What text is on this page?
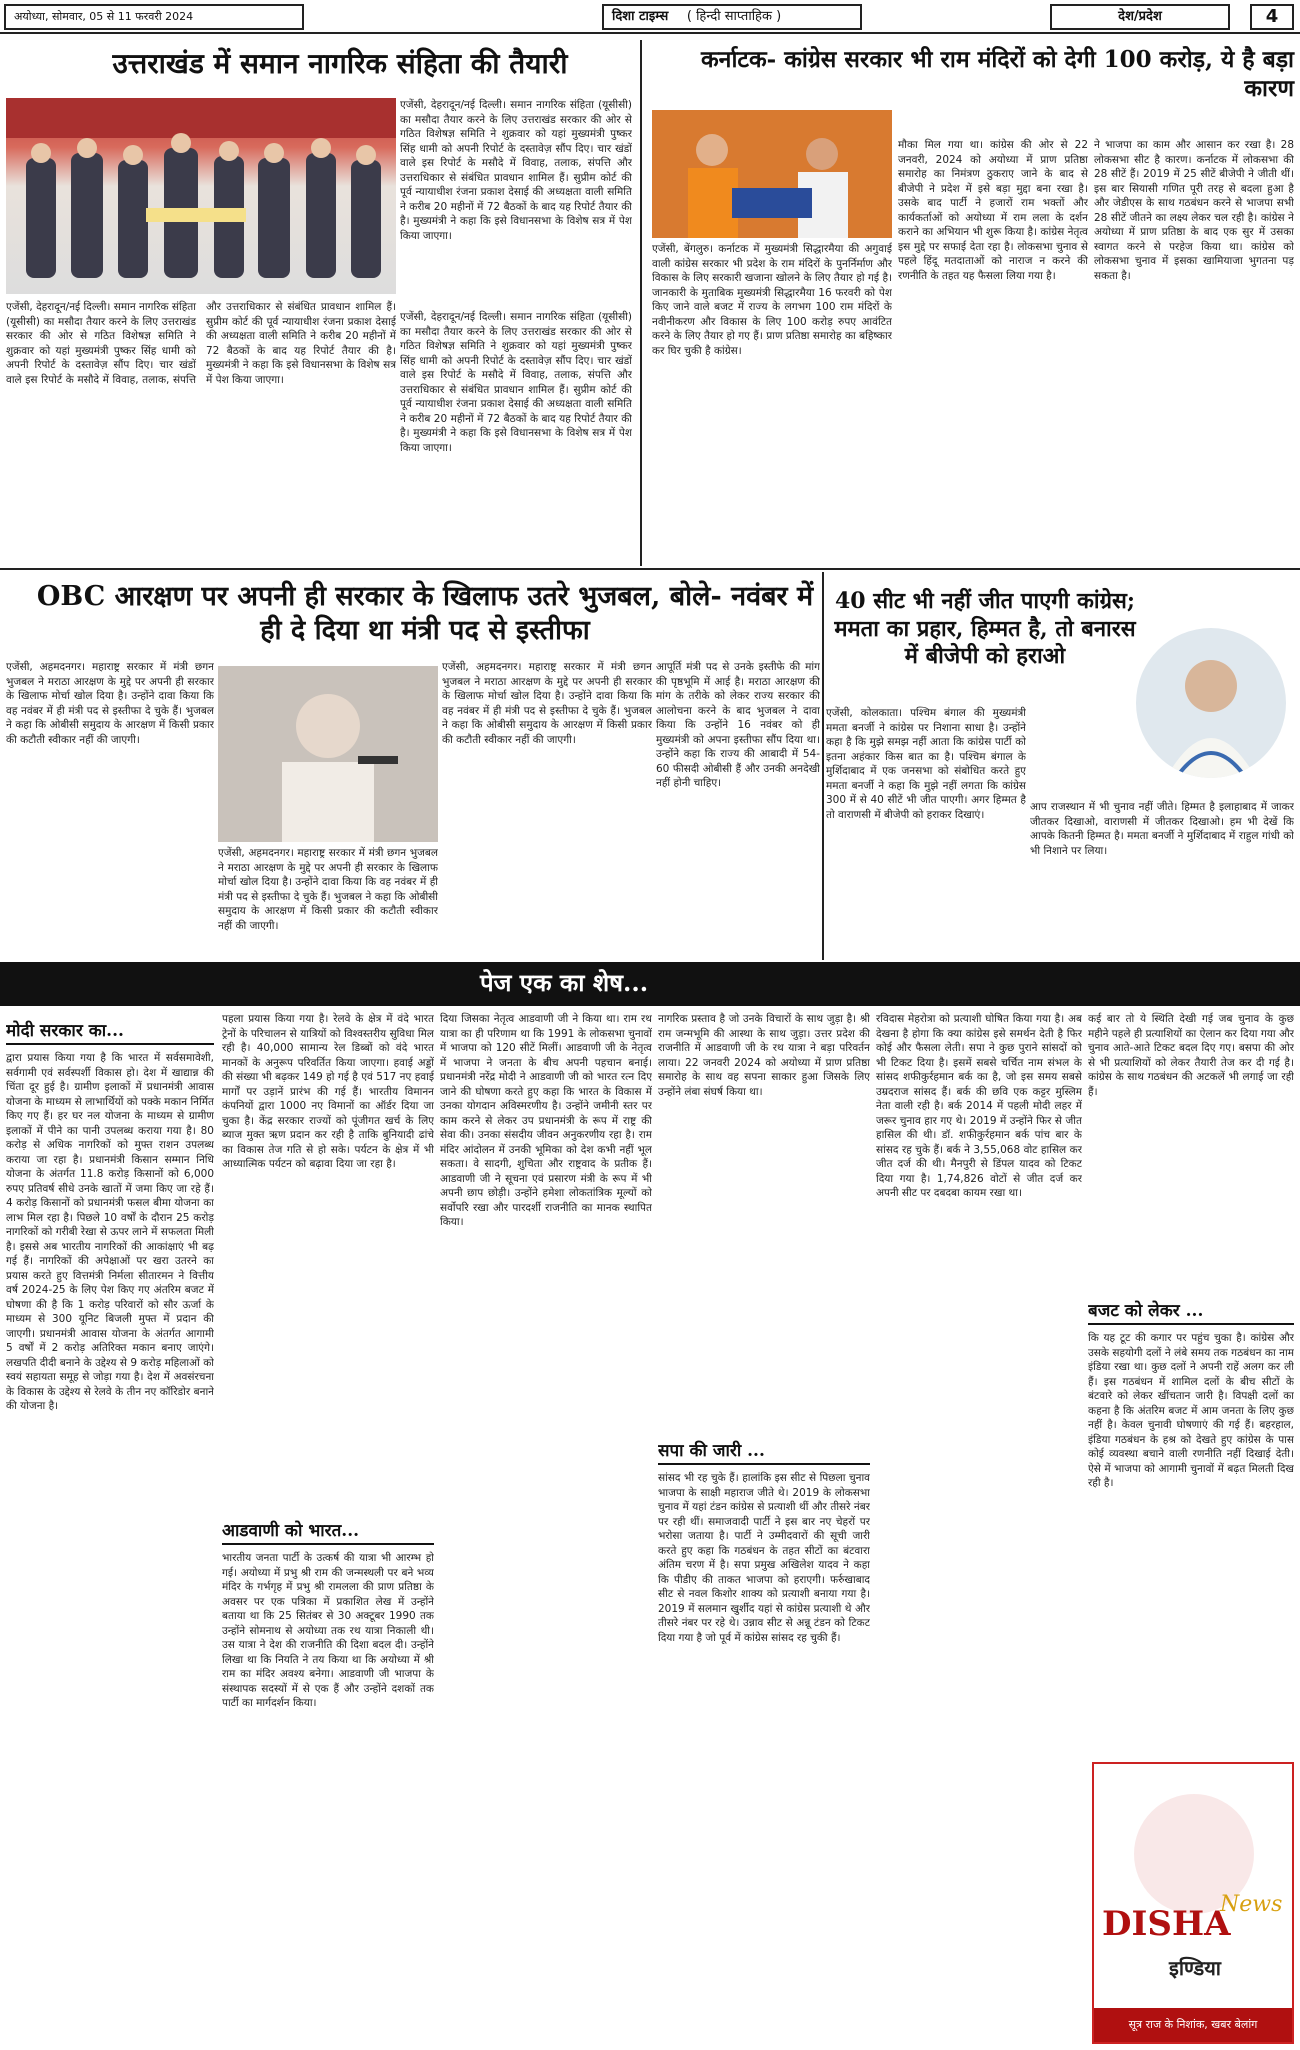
अयोध्या, सोमवार, 05 से 11 फरवरी 2024	दिशा टाइम्स ( हिन्दी साप्ताहिक )	देश/प्रदेश	4
उत्तराखंड में समान नागरिक संहिता की तैयारी
एजेंसी, देहरादून/नई दिल्ली। समान नागरिक संहिता (यूसीसी) का मसौदा तैयार करने के लिए उत्तराखंड सरकार की ओर से गठित विशेषज्ञ समिति ने शुक्रवार को यहां मुख्यमंत्री पुष्कर सिंह धामी को अपनी रिपोर्ट के दस्तावेज़ सौंप दिए। चार खंडों वाले इस रिपोर्ट के मसौदे में विवाह, तलाक, संपत्ति और उत्तराधिकार से संबंधित प्रावधान शामिल हैं। सुप्रीम कोर्ट की पूर्व न्यायाधीश रंजना प्रकाश देसाई की अध्यक्षता वाली समिति ने करीब 20 महीनों में 72 बैठकों के बाद यह रिपोर्ट तैयार की है। मुख्यमंत्री ने कहा कि इसे विधानसभा के विशेष सत्र में पेश किया जाएगा।
एजेंसी, देहरादून/नई दिल्ली। समान नागरिक संहिता (यूसीसी) का मसौदा तैयार करने के लिए उत्तराखंड सरकार की ओर से गठित विशेषज्ञ समिति ने शुक्रवार को यहां मुख्यमंत्री पुष्कर सिंह धामी को अपनी रिपोर्ट के दस्तावेज़ सौंप दिए। चार खंडों वाले इस रिपोर्ट के मसौदे में विवाह, तलाक, संपत्ति और उत्तराधिकार से संबंधित प्रावधान शामिल हैं। सुप्रीम कोर्ट की पूर्व न्यायाधीश रंजना प्रकाश देसाई की अध्यक्षता वाली समिति ने करीब 20 महीनों में 72 बैठकों के बाद यह रिपोर्ट तैयार की है। मुख्यमंत्री ने कहा कि इसे विधानसभा के विशेष सत्र में पेश किया जाएगा।
एजेंसी, देहरादून/नई दिल्ली। समान नागरिक संहिता (यूसीसी) का मसौदा तैयार करने के लिए उत्तराखंड सरकार की ओर से गठित विशेषज्ञ समिति ने शुक्रवार को यहां मुख्यमंत्री पुष्कर सिंह धामी को अपनी रिपोर्ट के दस्तावेज़ सौंप दिए। चार खंडों वाले इस रिपोर्ट के मसौदे में विवाह, तलाक, संपत्ति और उत्तराधिकार से संबंधित प्रावधान शामिल हैं। सुप्रीम कोर्ट की पूर्व न्यायाधीश रंजना प्रकाश देसाई की अध्यक्षता वाली समिति ने करीब 20 महीनों में 72 बैठकों के बाद यह रिपोर्ट तैयार की है। मुख्यमंत्री ने कहा कि इसे विधानसभा के विशेष सत्र में पेश किया जाएगा।
कर्नाटक- कांग्रेस सरकार भी राम मंदिरों को देगी 100 करोड़, ये है बड़ा कारण
एजेंसी, बेंगलुरु। कर्नाटक में मुख्यमंत्री सिद्धारमैया की अगुवाई वाली कांग्रेस सरकार भी प्रदेश के राम मंदिरों के पुनर्निर्माण और विकास के लिए सरकारी खजाना खोलने के लिए तैयार हो गई है। जानकारी के मुताबिक मुख्यमंत्री सिद्धारमैया 16 फरवरी को पेश किए जाने वाले बजट में राज्य के लगभग 100 राम मंदिरों के नवीनीकरण और विकास के लिए 100 करोड़ रुपए आवंटित करने के लिए तैयार हो गए हैं। प्राण प्रतिष्ठा समारोह का बहिष्कार कर घिर चुकी है कांग्रेस।
मौका मिल गया था। कांग्रेस की ओर से 22 जनवरी, 2024 को अयोध्या में प्राण प्रतिष्ठा समारोह का निमंत्रण ठुकराए जाने के बाद से बीजेपी ने प्रदेश में इसे बड़ा मुद्दा बना रखा है। उसके बाद पार्टी ने हजारों राम भक्तों और कार्यकर्ताओं को अयोध्या में राम लला के दर्शन कराने का अभियान भी शुरू किया है। कांग्रेस नेतृत्व इस मुद्दे पर सफाई देता रहा है। लोकसभा चुनाव से पहले हिंदू मतदाताओं को नाराज न करने की रणनीति के तहत यह फैसला लिया गया है।
ने भाजपा का काम और आसान कर रखा है। 28 लोकसभा सीट है कारण। कर्नाटक में लोकसभा की 28 सीटें हैं। 2019 में 25 सीटें बीजेपी ने जीती थीं। इस बार सियासी गणित पूरी तरह से बदला हुआ है और जेडीएस के साथ गठबंधन करने से भाजपा सभी 28 सीटें जीतने का लक्ष्य लेकर चल रही है। कांग्रेस ने अयोध्या में प्राण प्रतिष्ठा के बाद एक सुर में उसका स्वागत करने से परहेज किया था। कांग्रेस को लोकसभा चुनाव में इसका खामियाजा भुगतना पड़ सकता है।
OBC आरक्षण पर अपनी ही सरकार के खिलाफ उतरे भुजबल, बोले- नवंबर में ही दे दिया था मंत्री पद से इस्तीफा
एजेंसी, अहमदनगर। महाराष्ट्र सरकार में मंत्री छगन भुजबल ने मराठा आरक्षण के मुद्दे पर अपनी ही सरकार के खिलाफ मोर्चा खोल दिया है। उन्होंने दावा किया कि वह नवंबर में ही मंत्री पद से इस्तीफा दे चुके हैं। भुजबल ने कहा कि ओबीसी समुदाय के आरक्षण में किसी प्रकार की कटौती स्वीकार नहीं की जाएगी।
एजेंसी, अहमदनगर। महाराष्ट्र सरकार में मंत्री छगन भुजबल ने मराठा आरक्षण के मुद्दे पर अपनी ही सरकार के खिलाफ मोर्चा खोल दिया है। उन्होंने दावा किया कि वह नवंबर में ही मंत्री पद से इस्तीफा दे चुके हैं। भुजबल ने कहा कि ओबीसी समुदाय के आरक्षण में किसी प्रकार की कटौती स्वीकार नहीं की जाएगी।
एजेंसी, अहमदनगर। महाराष्ट्र सरकार में मंत्री छगन भुजबल ने मराठा आरक्षण के मुद्दे पर अपनी ही सरकार के खिलाफ मोर्चा खोल दिया है। उन्होंने दावा किया कि वह नवंबर में ही मंत्री पद से इस्तीफा दे चुके हैं। भुजबल ने कहा कि ओबीसी समुदाय के आरक्षण में किसी प्रकार की कटौती स्वीकार नहीं की जाएगी।
आपूर्ति मंत्री पद से उनके इस्तीफे की मांग की पृष्ठभूमि में आई है। मराठा आरक्षण की मांग के तरीके को लेकर राज्य सरकार की आलोचना करने के बाद भुजबल ने दावा किया कि उन्होंने 16 नवंबर को ही मुख्यमंत्री को अपना इस्तीफा सौंप दिया था। उन्होंने कहा कि राज्य की आबादी में 54-60 फीसदी ओबीसी हैं और उनकी अनदेखी नहीं होनी चाहिए।
40 सीट भी नहीं जीत पाएगी कांग्रेस; ममता का प्रहार, हिम्मत है, तो बनारस में बीजेपी को हराओ
एजेंसी, कोलकाता। पश्चिम बंगाल की मुख्यमंत्री ममता बनर्जी ने कांग्रेस पर निशाना साधा है। उन्होंने कहा है कि मुझे समझ नहीं आता कि कांग्रेस पार्टी को इतना अहंकार किस बात का है। पश्चिम बंगाल के मुर्शिदाबाद में एक जनसभा को संबोधित करते हुए ममता बनर्जी ने कहा कि मुझे नहीं लगता कि कांग्रेस 300 में से 40 सीटें भी जीत पाएगी। अगर हिम्मत है तो वाराणसी में बीजेपी को हराकर दिखाएं।
आप राजस्थान में भी चुनाव नहीं जीते। हिम्मत है इलाहाबाद में जाकर जीतकर दिखाओ, वाराणसी में जीतकर दिखाओ। हम भी देखें कि आपके कितनी हिम्मत है। ममता बनर्जी ने मुर्शिदाबाद में राहुल गांधी को भी निशाने पर लिया।
पेज एक का शेष...
मोदी सरकार का...
द्वारा प्रयास किया गया है कि भारत में सर्वसमावेशी, सर्वगामी एवं सर्वस्पर्शी विकास हो। देश में खाद्यान्न की चिंता दूर हुई है। ग्रामीण इलाकों में प्रधानमंत्री आवास योजना के माध्यम से लाभार्थियों को पक्के मकान निर्मित किए गए हैं। हर घर नल योजना के माध्यम से ग्रामीण इलाकों में पीने का पानी उपलब्ध कराया गया है। 80 करोड़ से अधिक नागरिकों को मुफ्त राशन उपलब्ध कराया जा रहा है। प्रधानमंत्री किसान सम्मान निधि योजना के अंतर्गत 11.8 करोड़ किसानों को 6,000 रुपए प्रतिवर्ष सीधे उनके खातों में जमा किए जा रहे हैं। 4 करोड़ किसानों को प्रधानमंत्री फसल बीमा योजना का लाभ मिल रहा है। पिछले 10 वर्षों के दौरान 25 करोड़ नागरिकों को गरीबी रेखा से ऊपर लाने में सफलता मिली है। इससे अब भारतीय नागरिकों की आकांक्षाएं भी बढ़ गई हैं। नागरिकों की अपेक्षाओं पर खरा उतरने का प्रयास करते हुए वित्तमंत्री निर्मला सीतारमन ने वित्तीय वर्ष 2024-25 के लिए पेश किए गए अंतरिम बजट में घोषणा की है कि 1 करोड़ परिवारों को सौर ऊर्जा के माध्यम से 300 यूनिट बिजली मुफ्त में प्रदान की जाएगी। प्रधानमंत्री आवास योजना के अंतर्गत आगामी 5 वर्षों में 2 करोड़ अतिरिक्त मकान बनाए जाएंगे। लखपति दीदी बनाने के उद्देश्य से 9 करोड़ महिलाओं को स्वयं सहायता समूह से जोड़ा गया है। देश में अवसंरचना के विकास के उद्देश्य से रेलवे के तीन नए कॉरिडोर बनाने की योजना है।
पहला प्रयास किया गया है। रेलवे के क्षेत्र में वंदे भारत ट्रेनों के परिचालन से यात्रियों को विश्वस्तरीय सुविधा मिल रही है। 40,000 सामान्य रेल डिब्बों को वंदे भारत मानकों के अनुरूप परिवर्तित किया जाएगा। हवाई अड्डों की संख्या भी बढ़कर 149 हो गई है एवं 517 नए हवाई मार्गों पर उड़ानें प्रारंभ की गई हैं। भारतीय विमानन कंपनियों द्वारा 1000 नए विमानों का ऑर्डर दिया जा चुका है। केंद्र सरकार राज्यों को पूंजीगत खर्च के लिए ब्याज मुक्त ऋण प्रदान कर रही है ताकि बुनियादी ढांचे का विकास तेज गति से हो सके। पर्यटन के क्षेत्र में भी आध्यात्मिक पर्यटन को बढ़ावा दिया जा रहा है।
आडवाणी को भारत...
भारतीय जनता पार्टी के उत्कर्ष की यात्रा भी आरम्भ हो गई। अयोध्या में प्रभु श्री राम की जन्मस्थली पर बने भव्य मंदिर के गर्भगृह में प्रभु श्री रामलला की प्राण प्रतिष्ठा के अवसर पर एक पत्रिका में प्रकाशित लेख में उन्होंने बताया था कि 25 सितंबर से 30 अक्टूबर 1990 तक उन्होंने सोमनाथ से अयोध्या तक रथ यात्रा निकाली थी। उस यात्रा ने देश की राजनीति की दिशा बदल दी। उन्होंने लिखा था कि नियति ने तय किया था कि अयोध्या में श्री राम का मंदिर अवश्य बनेगा। आडवाणी जी भाजपा के संस्थापक सदस्यों में से एक हैं और उन्होंने दशकों तक पार्टी का मार्गदर्शन किया।
दिया जिसका नेतृत्व आडवाणी जी ने किया था। राम रथ यात्रा का ही परिणाम था कि 1991 के लोकसभा चुनावों में भाजपा को 120 सीटें मिलीं। आडवाणी जी के नेतृत्व में भाजपा ने जनता के बीच अपनी पहचान बनाई। प्रधानमंत्री नरेंद्र मोदी ने आडवाणी जी को भारत रत्न दिए जाने की घोषणा करते हुए कहा कि भारत के विकास में उनका योगदान अविस्मरणीय है। उन्होंने जमीनी स्तर पर काम करने से लेकर उप प्रधानमंत्री के रूप में राष्ट्र की सेवा की। उनका संसदीय जीवन अनुकरणीय रहा है। राम मंदिर आंदोलन में उनकी भूमिका को देश कभी नहीं भूल सकता। वे सादगी, शुचिता और राष्ट्रवाद के प्रतीक हैं। आडवाणी जी ने सूचना एवं प्रसारण मंत्री के रूप में भी अपनी छाप छोड़ी। उन्होंने हमेशा लोकतांत्रिक मूल्यों को सर्वोपरि रखा और पारदर्शी राजनीति का मानक स्थापित किया।
नागरिक प्रस्ताव है जो उनके विचारों के साथ जुड़ा है। श्री राम जन्मभूमि की आस्था के साथ जुड़ा। उत्तर प्रदेश की राजनीति में आडवाणी जी के रथ यात्रा ने बड़ा परिवर्तन लाया। 22 जनवरी 2024 को अयोध्या में प्राण प्रतिष्ठा समारोह के साथ वह सपना साकार हुआ जिसके लिए उन्होंने लंबा संघर्ष किया था।
सपा की जारी ...
सांसद भी रह चुके हैं। हालांकि इस सीट से पिछला चुनाव भाजपा के साक्षी महाराज जीते थे। 2019 के लोकसभा चुनाव में यहां टंडन कांग्रेस से प्रत्याशी थीं और तीसरे नंबर पर रही थीं। समाजवादी पार्टी ने इस बार नए चेहरों पर भरोसा जताया है। पार्टी ने उम्मीदवारों की सूची जारी करते हुए कहा कि गठबंधन के तहत सीटों का बंटवारा अंतिम चरण में है। सपा प्रमुख अखिलेश यादव ने कहा कि पीडीए की ताकत भाजपा को हराएगी। फर्रुखाबाद सीट से नवल किशोर शाक्य को प्रत्याशी बनाया गया है। 2019 में सलमान खुर्शीद यहां से कांग्रेस प्रत्याशी थे और तीसरे नंबर पर रहे थे। उन्नाव सीट से अन्नू टंडन को टिकट दिया गया है जो पूर्व में कांग्रेस सांसद रह चुकी हैं।
रविदास मेहरोत्रा को प्रत्याशी घोषित किया गया है। अब देखना है होगा कि क्या कांग्रेस इसे समर्थन देती है फिर कोई और फैसला लेती। सपा ने कुछ पुराने सांसदों को भी टिकट दिया है। इसमें सबसे चर्चित नाम संभल के सांसद शफीकुर्रहमान बर्क का है, जो इस समय सबसे उम्रदराज सांसद हैं। बर्क की छवि एक कट्टर मुस्लिम नेता वाली रही है। बर्क 2014 में पहली मोदी लहर में जरूर चुनाव हार गए थे। 2019 में उन्होंने फिर से जीत हासिल की थी। डॉ. शफीकुर्रहमान बर्क पांच बार के सांसद रह चुके हैं। बर्क ने 3,55,068 वोट हासिल कर जीत दर्ज की थी। मैनपुरी से डिंपल यादव को टिकट दिया गया है। 1,74,826 वोटों से जीत दर्ज कर अपनी सीट पर दबदबा कायम रखा था।
कई बार तो ये स्थिति देखी गई जब चुनाव के कुछ महीने पहले ही प्रत्याशियों का ऐलान कर दिया गया और चुनाव आते-आते टिकट बदल दिए गए। बसपा की ओर से भी प्रत्याशियों को लेकर तैयारी तेज कर दी गई है। कांग्रेस के साथ गठबंधन की अटकलें भी लगाई जा रही हैं।
बजट को लेकर ...
कि यह टूट की कगार पर पहुंच चुका है। कांग्रेस और उसके सहयोगी दलों ने लंबे समय तक गठबंधन का नाम इंडिया रखा था। कुछ दलों ने अपनी राहें अलग कर ली हैं। इस गठबंधन में शामिल दलों के बीच सीटों के बंटवारे को लेकर खींचतान जारी है। विपक्षी दलों का कहना है कि अंतरिम बजट में आम जनता के लिए कुछ नहीं है। केवल चुनावी घोषणाएं की गई हैं। बहरहाल, इंडिया गठबंधन के हश्र को देखते हुए कांग्रेस के पास कोई व्यवस्था बचाने वाली रणनीति नहीं दिखाई देती। ऐसे में भाजपा को आगामी चुनावों में बढ़त मिलती दिख रही है।
DISHA
News
इण्डिया
सूत्र राज के निशांक, खबर बेलांग
